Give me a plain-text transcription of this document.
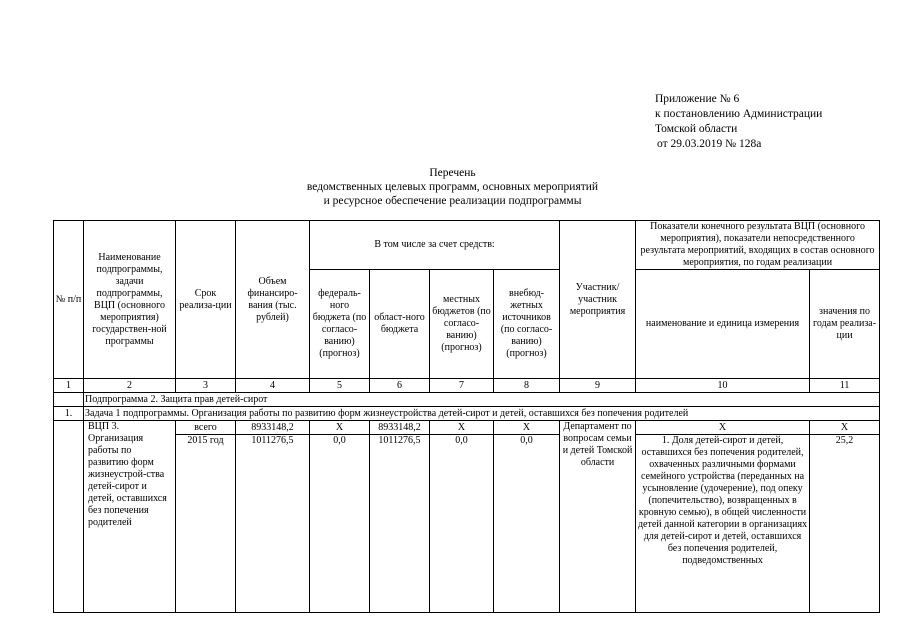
Приложение № 6
к постановлению Администрации
Томской области
от 29.03.2019 № 128а
Перечень
ведомственных целевых программ, основных мероприятий
и ресурсное обеспечение реализации подпрограммы
№ п/п	Наименование подпрограммы, задачи подпрограммы, ВЦП (основного мероприятия) государствен-ной программы	Срок реализа-ции	Объем финансиро-вания (тыс. рублей)	В том числе за счет средств:				Участник/ участник мероприятия	Показатели конечного результата ВЦП (основного мероприятия), показатели непосредственного результата мероприятий, входящих в состав основного мероприятия, по годам реализации	
				федераль-ного бюджета (по согласо-ванию) (прогноз)	област-ного бюджета	местных бюджетов (по согласо-ванию) (прогноз)	внебюд-жетных источников (по согласо-ванию) (прогноз)		наименование и единица измерения	значения по годам реализа-ции
1	2	3	4	5	6	7	8	9	10	11
	Подпрограмма 2. Защита прав детей-сирот									
1.	Задача 1 подпрограммы. Организация работы по развитию форм жизнеустройства детей-сирот и детей, оставшихся без попечения родителей									
	ВЦП 3. Организация работы по развитию форм жизнеустрой-ства детей-сирот и детей, оставшихся без попечения родителей	всего	8933148,2	Х	8933148,2	Х	Х	Департамент по вопросам семьи и детей Томской области	Х	Х
		2015 год	1011276,5	0,0	1011276,5	0,0	0,0		1. Доля детей-сирот и детей, оставшихся без попечения родителей, охваченных различными формами семейного устройства (переданных на усыновление (удочерение), под опеку (попечительство), возвращенных в кровную семью), в общей численности детей данной категории в организациях для детей-сирот и детей, оставшихся без попечения родителей, подведомственных	25,2
